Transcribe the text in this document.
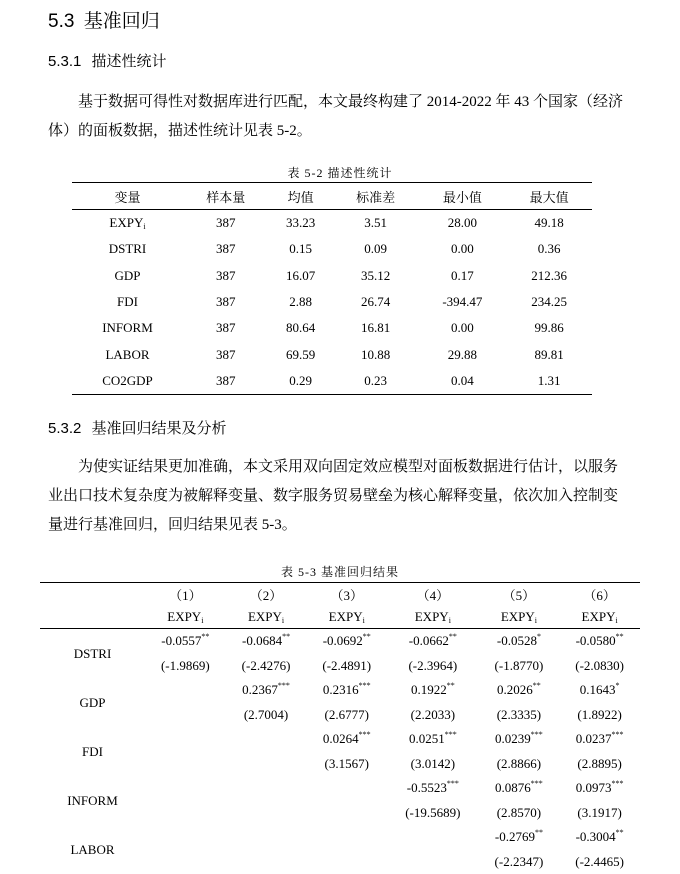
5.3 基准回归
5.3.1 描述性统计
基于数据可得性对数据库进行匹配，本文最终构建了 2014-2022 年 43 个国家（经济体）的面板数据，描述性统计见表 5-2。
表 5-2 描述性统计
变量	样本量	均值	标准差	最小值	最大值
$EXPY_i$	387	33.23	3.51	28.00	49.18
DSTRI	387	0.15	0.09	0.00	0.36
GDP	387	16.07	35.12	0.17	212.36
FDI	387	2.88	26.74	-394.47	234.25
INFORM	387	80.64	16.81	0.00	99.86
LABOR	387	69.59	10.88	29.88	89.81
CO2GDP	387	0.29	0.23	0.04	1.31
5.3.2 基准回归结果及分析
为使实证结果更加准确，本文采用双向固定效应模型对面板数据进行估计，以服务业出口技术复杂度为被解释变量、数字服务贸易壁垒为核心解释变量，依次加入控制变量进行基准回归，回归结果见表 5-3。
表 5-3 基准回归结果
	（1）	（2）	（3）	（4）	（5）	（6）
	$EXPY_i$	$EXPY_i$	$EXPY_i$	$EXPY_i$	$EXPY_i$	$EXPY_i$
DSTRI	-0.0557**	-0.0684**	-0.0692**	-0.0662**	-0.0528*	-0.0580**
	(-1.9869)	(-2.4276)	(-2.4891)	(-2.3964)	(-1.8770)	(-2.0830)
GDP		0.2367***	0.2316***	0.1922**	0.2026**	0.1643*
		(2.7004)	(2.6777)	(2.2033)	(2.3335)	(1.8922)
FDI			0.0264***	0.0251***	0.0239***	0.0237***
			(3.1567)	(3.0142)	(2.8866)	(2.8895)
INFORM				-0.5523***	0.0876***	0.0973***
				(-19.5689)	(2.8570)	(3.1917)
LABOR					-0.2769**	-0.3004**
					(-2.2347)	(-2.4465)
